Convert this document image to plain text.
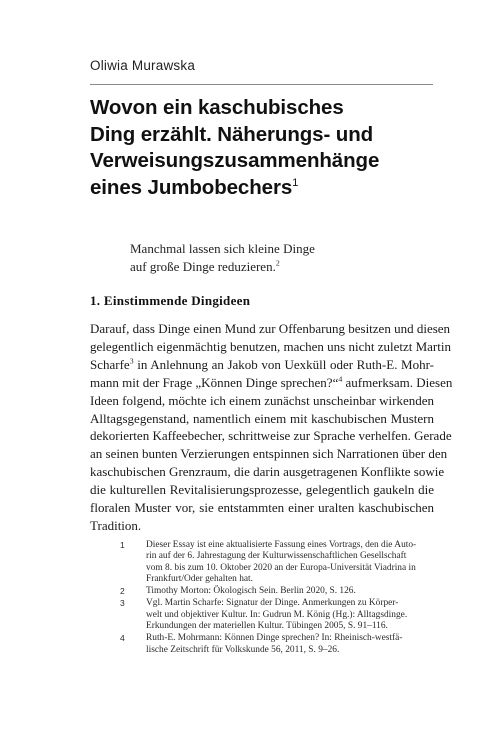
Oliwia Murawska
Wovon ein kaschubisches
Ding erzählt. Näherungs- und
Verweisungszusammenhänge
eines Jumbobechers$^1$
Manchmal lassen sich kleine Dinge
auf große Dinge reduzieren.$^2$
1. Einstimmende Dingideen
Darauf, dass Dinge einen Mund zur Offenbarung besitzen und diesen
gelegentlich eigenmächtig benutzen, machen uns nicht zuletzt Martin
Scharfe$^3$ in Anlehnung an Jakob von Uexküll oder Ruth-E. Mohr-
mann mit der Frage „Können Dinge sprechen?“$^4$ aufmerksam. Diesen
Ideen folgend, möchte ich einem zunächst unscheinbar wirkenden
Alltagsgegenstand, namentlich einem mit kaschubischen Mustern
dekorierten Kaffeebecher, schrittweise zur Sprache verhelfen. Gerade
an seinen bunten Verzierungen entspinnen sich Narrationen über den
kaschubischen Grenzraum, die darin ausgetragenen Konflikte sowie
die kulturellen Revitalisierungsprozesse, gelegentlich gaukeln die
floralen Muster vor, sie entstammten einer uralten kaschubischen
Tradition.
1 Dieser Essay ist eine aktualisierte Fassung eines Vortrags, den die Auto-
rin auf der 6. Jahrestagung der Kulturwissenschaftlichen Gesellschaft
vom 8. bis zum 10. Oktober 2020 an der Europa-Universität Viadrina in
Frankfurt/Oder gehalten hat.
2 Timothy Morton: Ökologisch Sein. Berlin 2020, S. 126.
3 Vgl. Martin Scharfe: Signatur der Dinge. Anmerkungen zu Körper-
welt und objektiver Kultur. In: Gudrun M. König (Hg.): Alltagsdinge.
Erkundungen der materiellen Kultur. Tübingen 2005, S. 91–116.
4 Ruth-E. Mohrmann: Können Dinge sprechen? In: Rheinisch-westfä-
lische Zeitschrift für Volkskunde 56, 2011, S. 9–26.
